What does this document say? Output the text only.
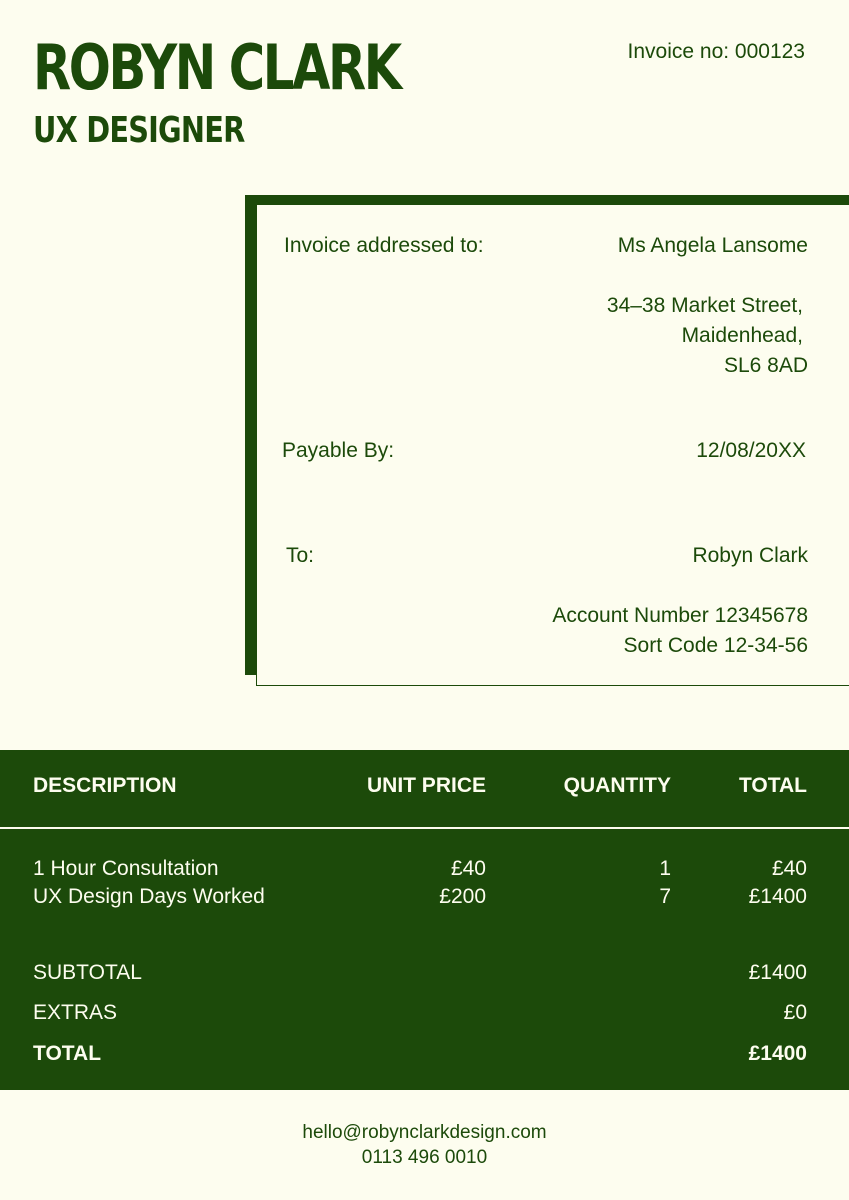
ROBYN CLARK
UX DESIGNER
Invoice no: 000123
Invoice addressed to:	Ms Angela Lansome
34–38 Market Street,
Maidenhead,
SL6 8AD
Payable By:	12/08/20XX
To:	Robyn Clark
Account Number 12345678
Sort Code 12-34-56
DESCRIPTION	UNIT PRICE	QUANTITY	TOTAL
1 Hour Consultation	£40	1	£40
UX Design Days Worked	£200	7	£1400
SUBTOTAL	£1400
EXTRAS	£0
TOTAL	£1400
hello@robynclarkdesign.com
0113 496 0010
